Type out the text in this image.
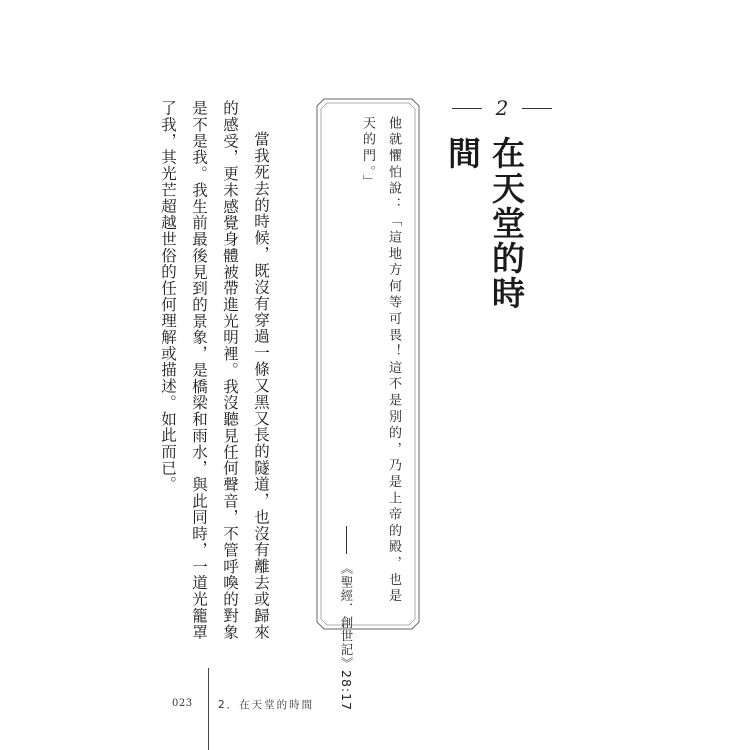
2
在天堂的時間
他就懼怕說：「這地方何等可畏！這不是別的，乃是上帝的殿，也是天的門。」
《聖經．創世記》28:17

當我死去的時候，既沒有穿過一條又黑又長的隧道，也沒有離去或歸來的感受，更未感覺身體被帶進光明裡。我沒聽見任何聲音，不管呼喚的對象是不是我。我生前最後見到的景象，是橋梁和雨水，與此同時，一道光籠罩了我，其光芒超越世俗的任何理解或描述。如此而已。

023 2．在天堂的時間
